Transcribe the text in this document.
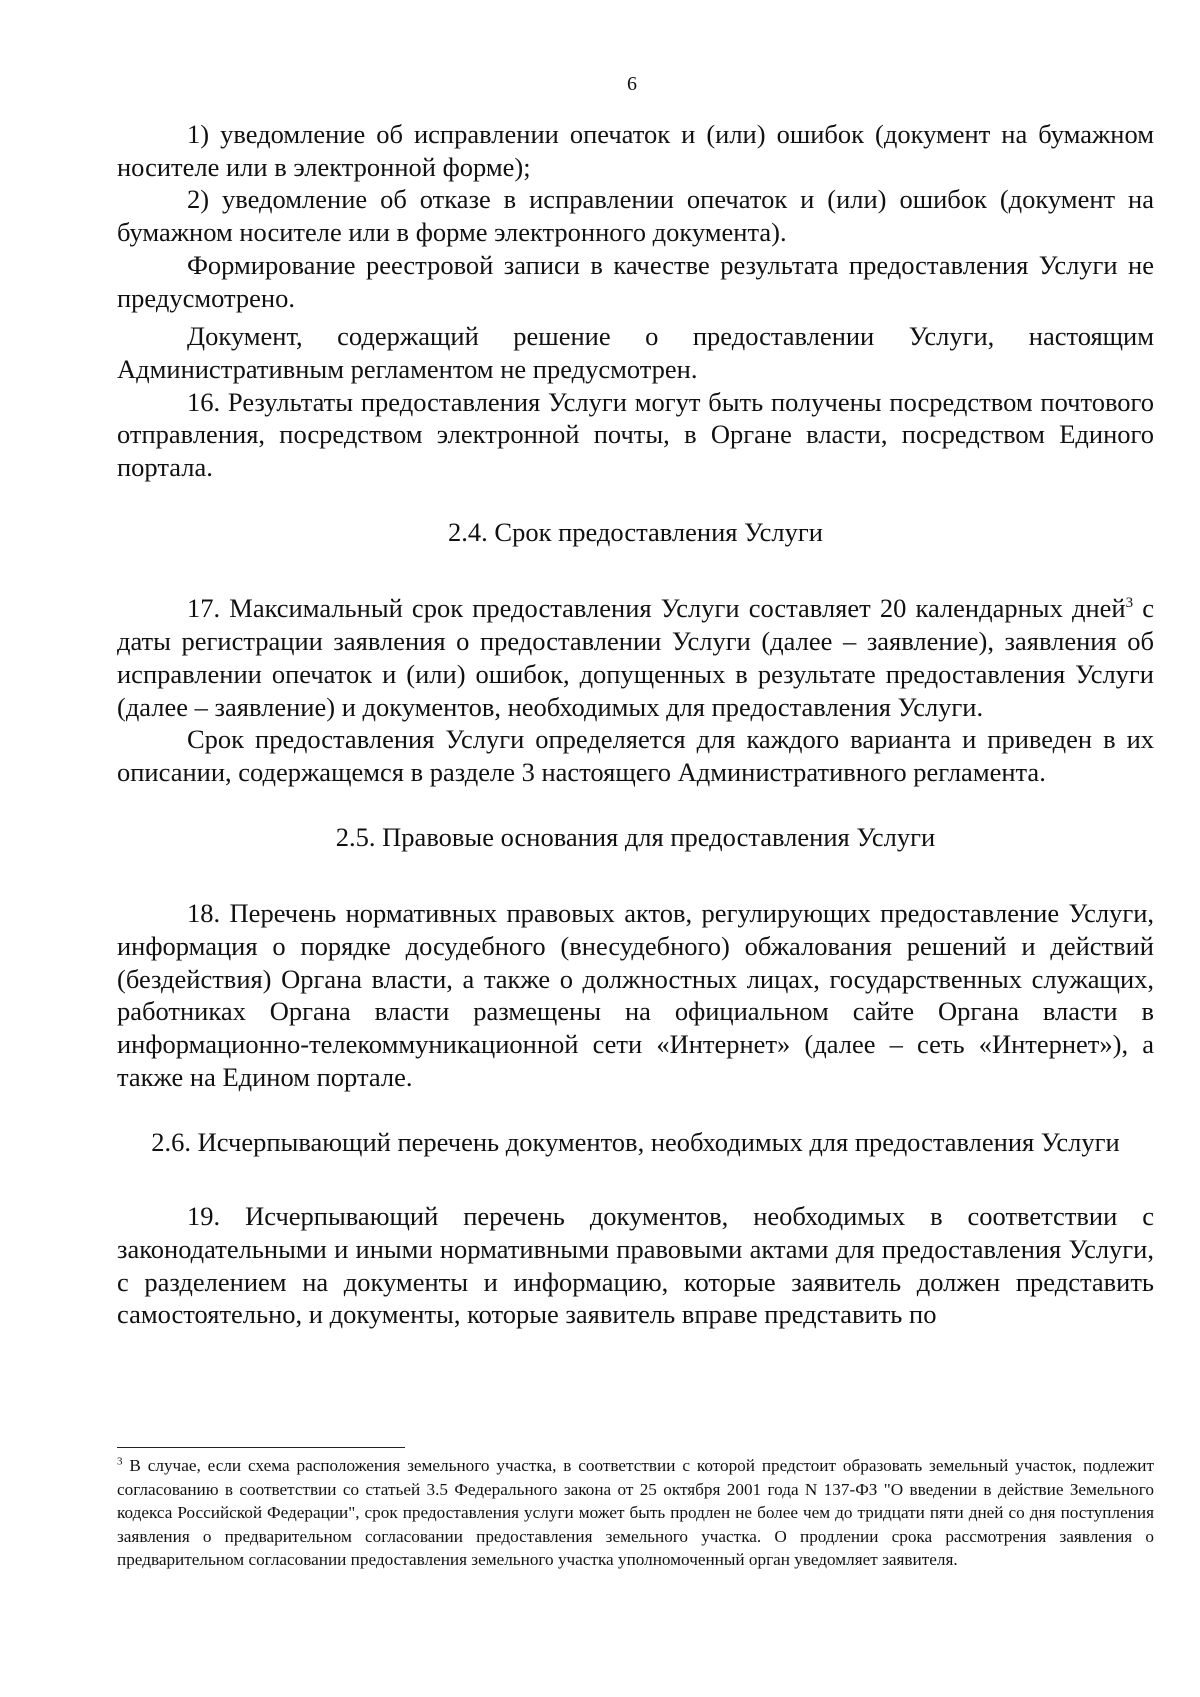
6

1) уведомление об исправлении опечаток и (или) ошибок (документ на бумажном носителе или в электронной форме);

2) уведомление об отказе в исправлении опечаток и (или) ошибок (документ на бумажном носителе или в форме электронного документа).

Формирование реестровой записи в качестве результата предоставления Услуги не предусмотрено.

Документ, содержащий решение о предоставлении Услуги, настоящим Административным регламентом не предусмотрен.

16. Результаты предоставления Услуги могут быть получены посредством почтового отправления, посредством электронной почты, в Органе власти, посредством Единого портала.

2.4. Срок предоставления Услуги

17. Максимальный срок предоставления Услуги составляет 20 календарных дней$^3$ с даты регистрации заявления о предоставлении Услуги (далее – заявление), заявления об исправлении опечаток и (или) ошибок, допущенных в результате предоставления Услуги (далее – заявление) и документов, необходимых для предоставления Услуги.

Срок предоставления Услуги определяется для каждого варианта и приведен в их описании, содержащемся в разделе 3 настоящего Административного регламента.

2.5. Правовые основания для предоставления Услуги

18. Перечень нормативных правовых актов, регулирующих предоставление Услуги, информация о порядке досудебного (внесудебного) обжалования решений и действий (бездействия) Органа власти, а также о должностных лицах, государственных служащих, работниках Органа власти размещены на официальном сайте Органа власти в информационно-телекоммуникационной сети «Интернет» (далее – сеть «Интернет»), а также на Едином портале.

2.6. Исчерпывающий перечень документов, необходимых для предоставления Услуги

19. Исчерпывающий перечень документов, необходимых в соответствии с законодательными и иными нормативными правовыми актами для предоставления Услуги, с разделением на документы и информацию, которые заявитель должен представить самостоятельно, и документы, которые заявитель вправе представить по

$^3$ В случае, если схема расположения земельного участка, в соответствии с которой предстоит образовать земельный участок, подлежит согласованию в соответствии со статьей 3.5 Федерального закона от 25 октября 2001 года N 137-ФЗ "О введении в действие Земельного кодекса Российской Федерации", срок предоставления услуги может быть продлен не более чем до тридцати пяти дней со дня поступления заявления о предварительном согласовании предоставления земельного участка. О продлении срока рассмотрения заявления о предварительном согласовании предоставления земельного участка уполномоченный орган уведомляет заявителя.
